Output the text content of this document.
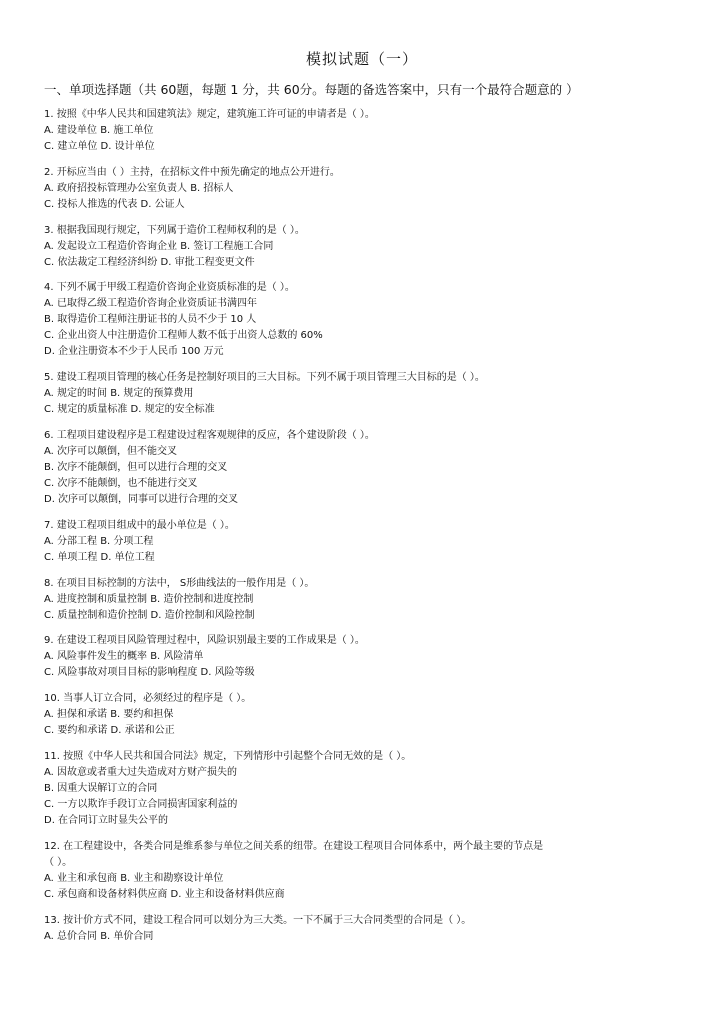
模拟试题（一）
一、单项选择题（共 60题，每题 1 分，共 60分。每题的备选答案中，只有一个最符合题意的 ）
1. 按照《中华人民共和国建筑法》规定，建筑施工许可证的申请者是（ ）。
A. 建设单位 B. 施工单位
C. 建立单位 D. 设计单位
2. 开标应当由（ ）主持，在招标文件中预先确定的地点公开进行。
A. 政府招投标管理办公室负责人 B. 招标人
C. 投标人推选的代表 D. 公证人
3. 根据我国现行规定，下列属于造价工程师权利的是（ ）。
A. 发起设立工程造价咨询企业 B. 签订工程施工合同
C. 依法裁定工程经济纠纷 D. 审批工程变更文件
4. 下列不属于甲级工程造价咨询企业资质标准的是（ ）。
A. 已取得乙级工程造价咨询企业资质证书满四年
B. 取得造价工程师注册证书的人员不少于 10 人
C. 企业出资人中注册造价工程师人数不低于出资人总数的 60%
D. 企业注册资本不少于人民币 100 万元
5. 建设工程项目管理的核心任务是控制好项目的三大目标。下列不属于项目管理三大目标的是（ ）。
A. 规定的时间 B. 规定的预算费用
C. 规定的质量标准 D. 规定的安全标准
6. 工程项目建设程序是工程建设过程客观规律的反应，各个建设阶段（ ）。
A. 次序可以颠倒，但不能交叉
B. 次序不能颠倒，但可以进行合理的交叉
C. 次序不能颠倒，也不能进行交叉
D. 次序可以颠倒，同事可以进行合理的交叉
7. 建设工程项目组成中的最小单位是（ ）。
A. 分部工程 B. 分项工程
C. 单项工程 D. 单位工程
8. 在项目目标控制的方法中， S形曲线法的一般作用是（ ）。
A. 进度控制和质量控制 B. 造价控制和进度控制
C. 质量控制和造价控制 D. 造价控制和风险控制
9. 在建设工程项目风险管理过程中，风险识别最主要的工作成果是（ ）。
A. 风险事件发生的概率 B. 风险清单
C. 风险事故对项目目标的影响程度 D. 风险等级
10. 当事人订立合同，必须经过的程序是（ ）。
A. 担保和承诺 B. 要约和担保
C. 要约和承诺 D. 承诺和公正
11. 按照《中华人民共和国合同法》规定，下列情形中引起整个合同无效的是（ ）。
A. 因故意或者重大过失造成对方财产损失的
B. 因重大误解订立的合同
C. 一方以欺诈手段订立合同损害国家利益的
D. 在合同订立时显失公平的
12. 在工程建设中，各类合同是维系参与单位之间关系的纽带。在建设工程项目合同体系中，两个最主要的节点是
（ ）。
A. 业主和承包商 B. 业主和勘察设计单位
C. 承包商和设备材料供应商 D. 业主和设备材料供应商
13. 按计价方式不同，建设工程合同可以划分为三大类。一下不属于三大合同类型的合同是（ ）。
A. 总价合同 B. 单价合同
